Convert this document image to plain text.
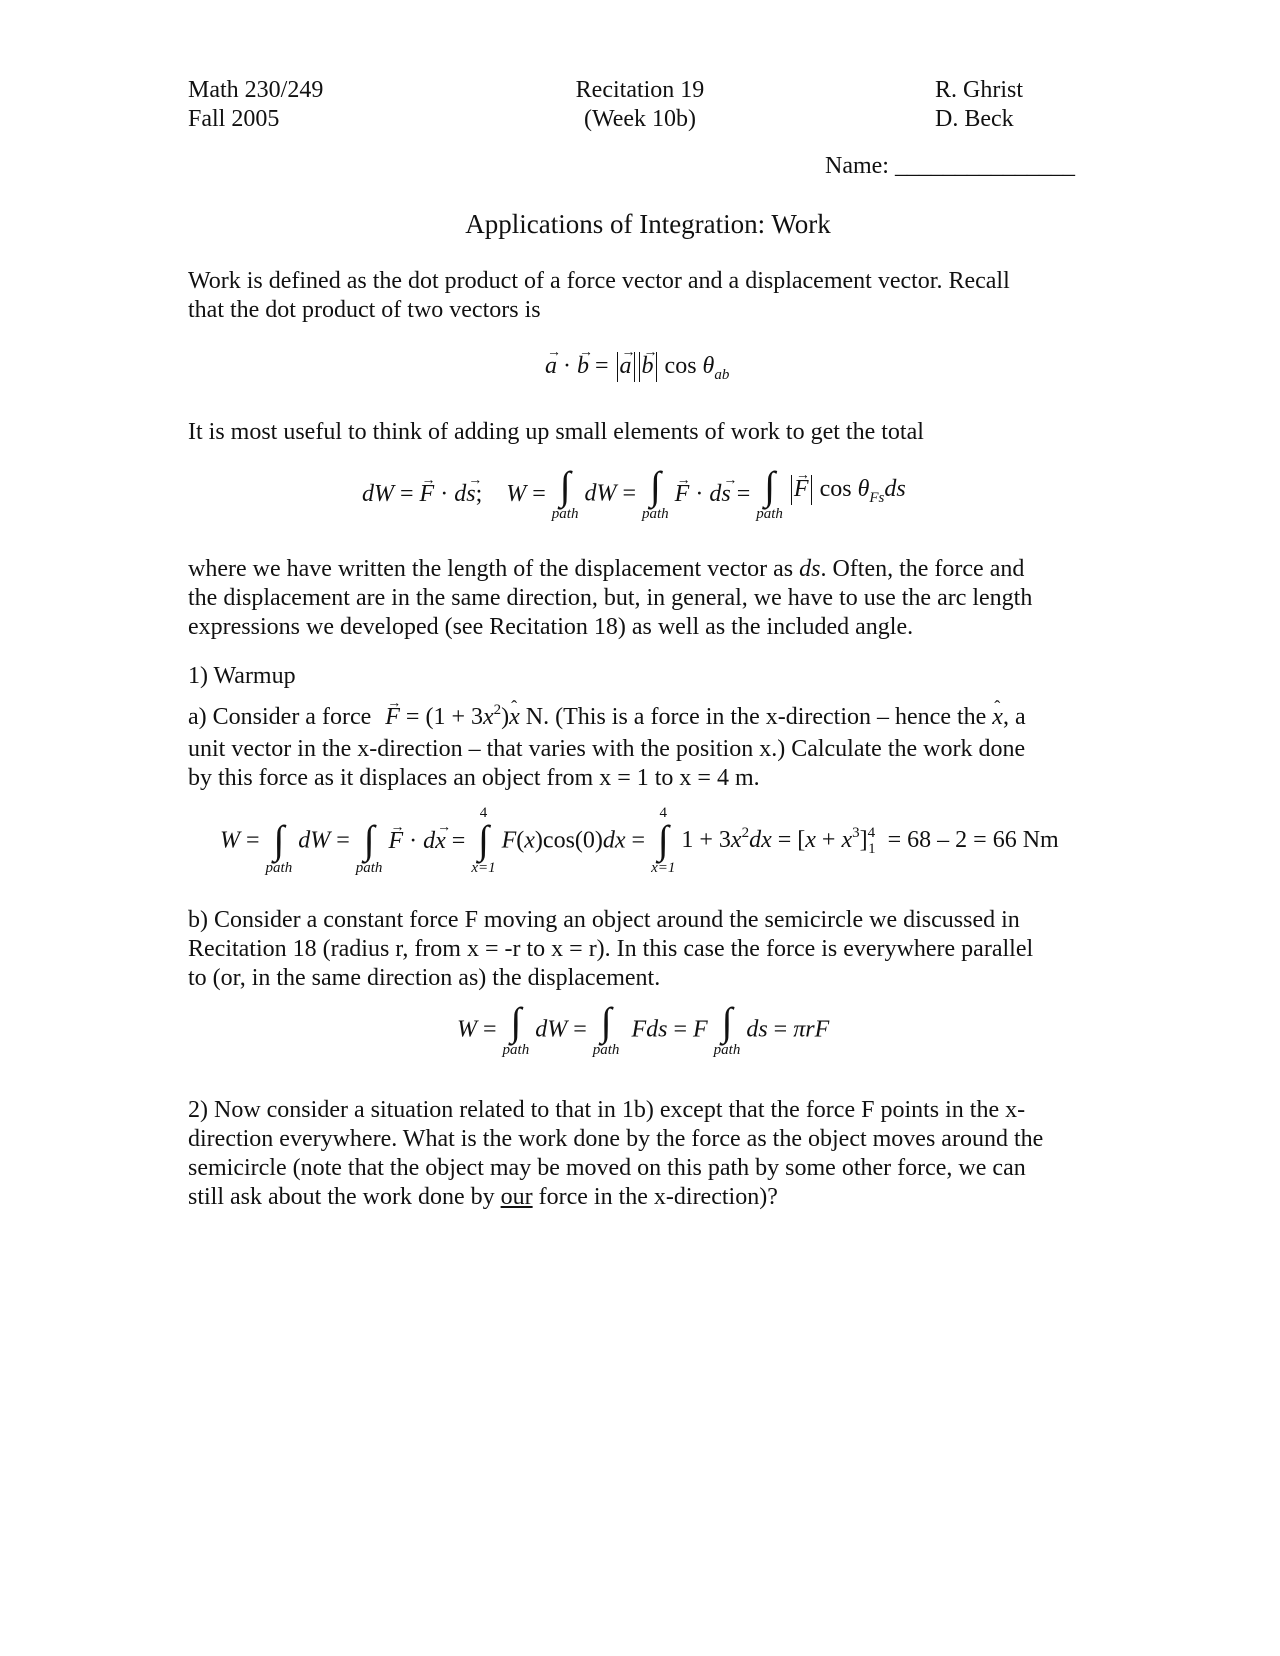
Math 230/249
Fall 2005
Recitation 19
(Week 10b)
R. Ghrist
D. Beck
Name: _______________
Applications of Integration: Work
Work is defined as the dot product of a force vector and a displacement vector. Recall
that the dot product of two vectors is
→ a · → b = → a → b $\cos \theta_{ab}$
It is most useful to think of adding up small elements of work to get the total
dW = → F · d→ s;    W = ∫
path
dW = ∫
path
→ F · d→ s = ∫
path
→ F $\cos \theta_{Fs}ds$
where we have written the length of the displacement vector as ds. Often, the force and
the displacement are in the same direction, but, in general, we have to use the arc length
expressions we developed (see Recitation 18) as well as the included angle.
1) Warmup
a) Consider a force → $F = (1 + 3x^2)ˆ$ x N. (This is a force in the x-direction – hence the ˆ x, a
unit vector in the x-direction – that varies with the position x.) Calculate the work done
by this force as it displaces an object from x = 1 to x = 4 m.
W =
∫
path
dW =
∫
path
→ F · d→ x =
4
∫
x=1
F(x)cos(0)dx =
4
∫
x=1
$1 + 3x^2dx = [x + x^3]^4_1 = 68 - 2 = 66$ Nm
b) Consider a constant force F moving an object around the semicircle we discussed in
Recitation 18 (radius r, from x = -r to x = r). In this case the force is everywhere parallel
to (or, in the same direction as) the displacement.
W = ∫
path
dW = ∫
path
Fds = F ∫
path
ds = πrF
2) Now consider a situation related to that in 1b) except that the force F points in the x-
direction everywhere. What is the work done by the force as the object moves around the
semicircle (note that the object may be moved on this path by some other force, we can
still ask about the work done by our force in the x-direction)?
